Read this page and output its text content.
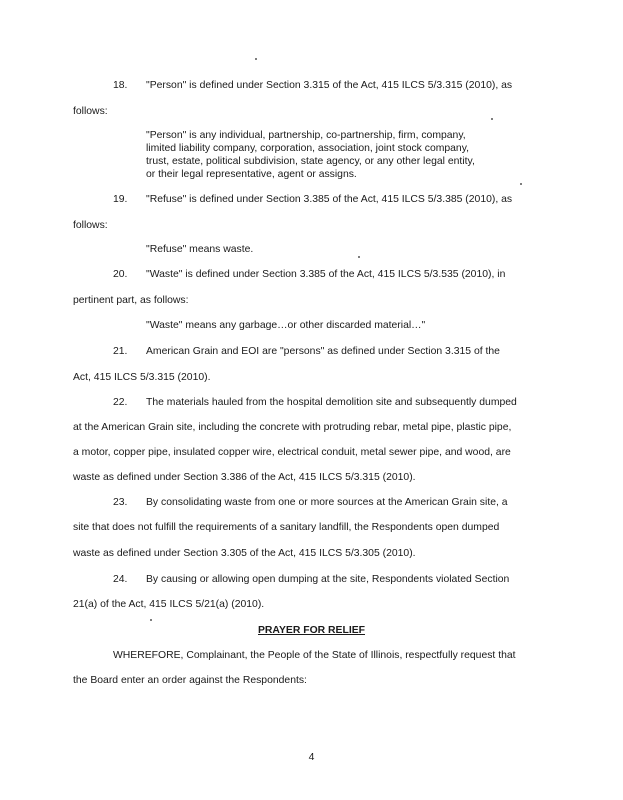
18. "Person" is defined under Section 3.315 of the Act, 415 ILCS 5/3.315 (2010), as
follows:
"Person" is any individual, partnership, co-partnership, firm, company,
limited liability company, corporation, association, joint stock company,
trust, estate, political subdivision, state agency, or any other legal entity,
or their legal representative, agent or assigns.
19. "Refuse" is defined under Section 3.385 of the Act, 415 ILCS 5/3.385 (2010), as
follows:
"Refuse" means waste.
20. "Waste" is defined under Section 3.385 of the Act, 415 ILCS 5/3.535 (2010), in
pertinent part, as follows:
"Waste" means any garbage…or other discarded material…"
21. American Grain and EOI are "persons" as defined under Section 3.315 of the
Act, 415 ILCS 5/3.315 (2010).
22. The materials hauled from the hospital demolition site and subsequently dumped
at the American Grain site, including the concrete with protruding rebar, metal pipe, plastic pipe,
a motor, copper pipe, insulated copper wire, electrical conduit, metal sewer pipe, and wood, are
waste as defined under Section 3.386 of the Act, 415 ILCS 5/3.315 (2010).
23. By consolidating waste from one or more sources at the American Grain site, a
site that does not fulfill the requirements of a sanitary landfill, the Respondents open dumped
waste as defined under Section 3.305 of the Act, 415 ILCS 5/3.305 (2010).
24. By causing or allowing open dumping at the site, Respondents violated Section
21(a) of the Act, 415 ILCS 5/21(a) (2010).
PRAYER FOR RELIEF
WHEREFORE, Complainant, the People of the State of Illinois, respectfully request that
the Board enter an order against the Respondents:
4
